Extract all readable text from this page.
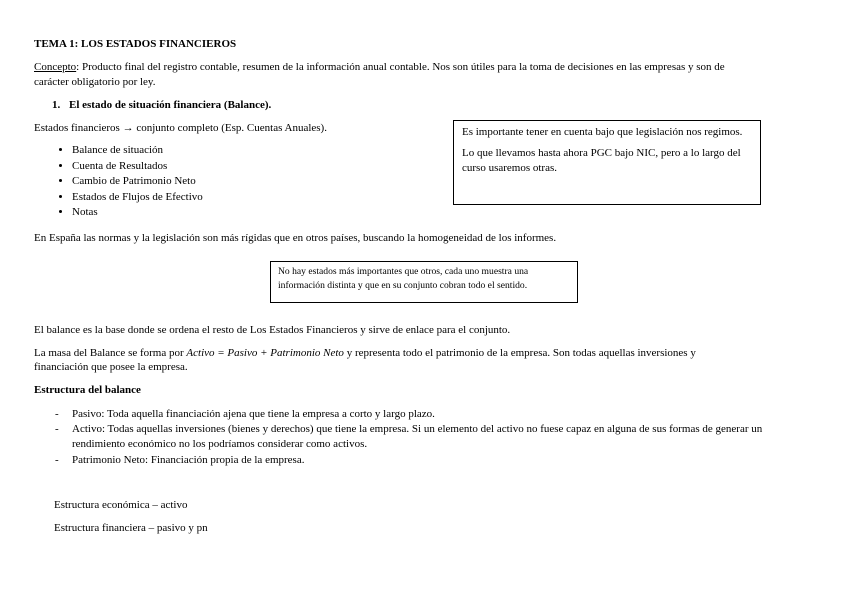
TEMA 1: LOS ESTADOS FINANCIEROS
Concepto: Producto final del registro contable, resumen de la información anual contable. Nos son útiles para la toma de decisiones en las empresas y son de
carácter obligatorio por ley.
1. El estado de situación financiera (Balance).
Estados financieros → conjunto completo (Esp. Cuentas Anuales).
• Balance de situación
• Cuenta de Resultados
• Cambio de Patrimonio Neto
• Estados de Flujos de Efectivo
• Notas

Es importante tener en cuenta bajo que legislación nos regimos.

Lo que llevamos hasta ahora PGC bajo NIC, pero a lo largo del curso usaremos otras.

En España las normas y la legislación son más rígidas que en otros países, buscando la homogeneidad de los informes.
No hay estados más importantes que otros, cada uno muestra una información distinta y que en su conjunto cobran todo el sentido.
El balance es la base donde se ordena el resto de Los Estados Financieros y sirve de enlace para el conjunto.
La masa del Balance se forma por Activo = Pasivo + Patrimonio Neto y representa todo el patrimonio de la empresa. Son todas aquellas inversiones y
financiación que posee la empresa.
Estructura del balance
- Pasivo: Toda aquella financiación ajena que tiene la empresa a corto y largo plazo.
- Activo: Todas aquellas inversiones (bienes y derechos) que tiene la empresa. Si un elemento del activo no fuese capaz en alguna de sus formas de generar un rendimiento económico no los podríamos considerar como activos.
- Patrimonio Neto: Financiación propia de la empresa.
Estructura económica – activo
Estructura financiera – pasivo y pn
